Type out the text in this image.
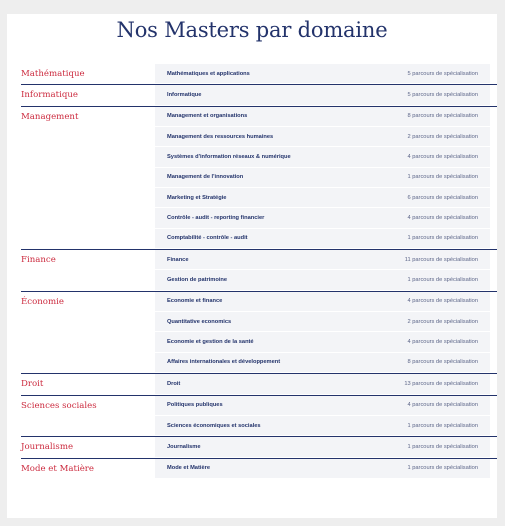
Nos Masters par domaine
Mathématique	Mathématiques et applications	5 parcours de spécialisation
Informatique	Informatique	5 parcours de spécialisation
Management	Management et organisations	8 parcours de spécialisation
Management des ressources humaines	2 parcours de spécialisation
Systèmes d'information réseaux & numérique	4 parcours de spécialisation
Management de l'innovation	1 parcours de spécialisation
Marketing et Stratégie	6 parcours de spécialisation
Contrôle - audit - reporting financier	4 parcours de spécialisation
Comptabilité - contrôle - audit	1 parcours de spécialisation
Finance	Finance	11 parcours de spécialisation
Gestion de patrimoine	1 parcours de spécialisation
Économie	Economie et finance	4 parcours de spécialisation
Quantitative economics	2 parcours de spécialisation
Economie et gestion de la santé	4 parcours de spécialisation
Affaires internationales et développement	8 parcours de spécialisation
Droit	Droit	13 parcours de spécialisation
Sciences sociales	Politiques publiques	4 parcours de spécialisation
Sciences économiques et sociales	1 parcours de spécialisation
Journalisme	Journalisme	1 parcours de spécialisation
Mode et Matière	Mode et Matière	1 parcours de spécialisation
